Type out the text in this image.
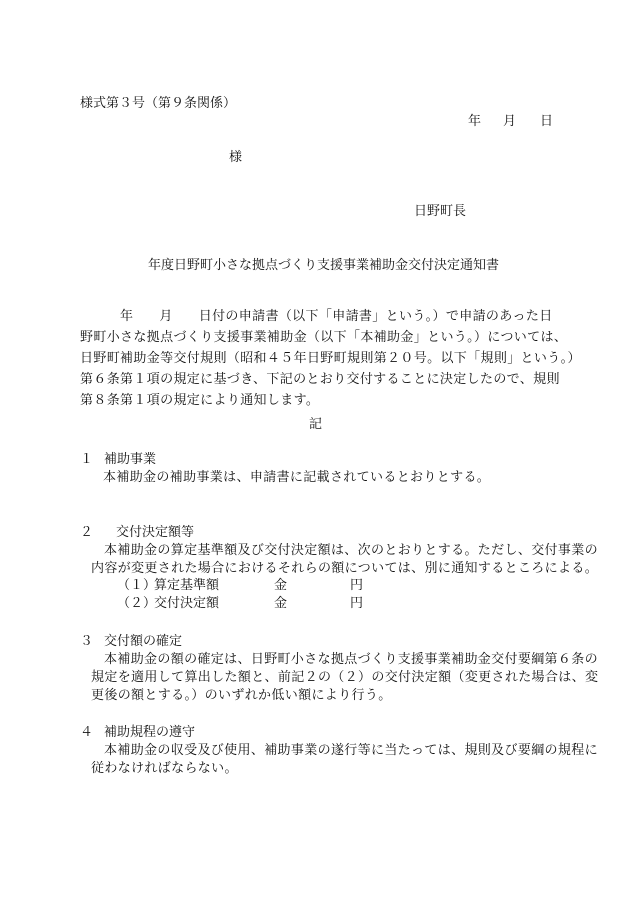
様式第３号（第９条関係）
年 月 日
様
日野町長
年度日野町小さな拠点づくり支援事業補助金交付決定通知書
年 月 日付の申請書（以下「申請書」という。）で申請のあった日
野町小さな拠点づくり支援事業補助金（以下「本補助金」という。）については、
日野町補助金等交付規則（昭和４５年日野町規則第２０号。以下「規則」という。）
第６条第１項の規定に基づき、下記のとおり交付することに決定したので、規則
第８条第１項の規定により通知します。
記
１ 補助事業
本補助金の補助事業は、申請書に記載されているとおりとする。
２ 交付決定額等
本補助金の算定基準額及び交付決定額は、次のとおりとする。ただし、交付事業の
内容が変更された場合におけるそれらの額については、別に通知するところによる。
（１）
算定基準額	金	円
（２）
交付決定額	金	円
３ 交付額の確定
本補助金の額の確定は、日野町小さな拠点づくり支援事業補助金交付要綱第６条の
規定を適用して算出した額と、前記２の（２）の交付決定額（変更された場合は、変
更後の額とする。）のいずれか低い額により行う。
４ 補助規程の遵守
本補助金の収受及び使用、補助事業の遂行等に当たっては、規則及び要綱の規程に
従わなければならない。
